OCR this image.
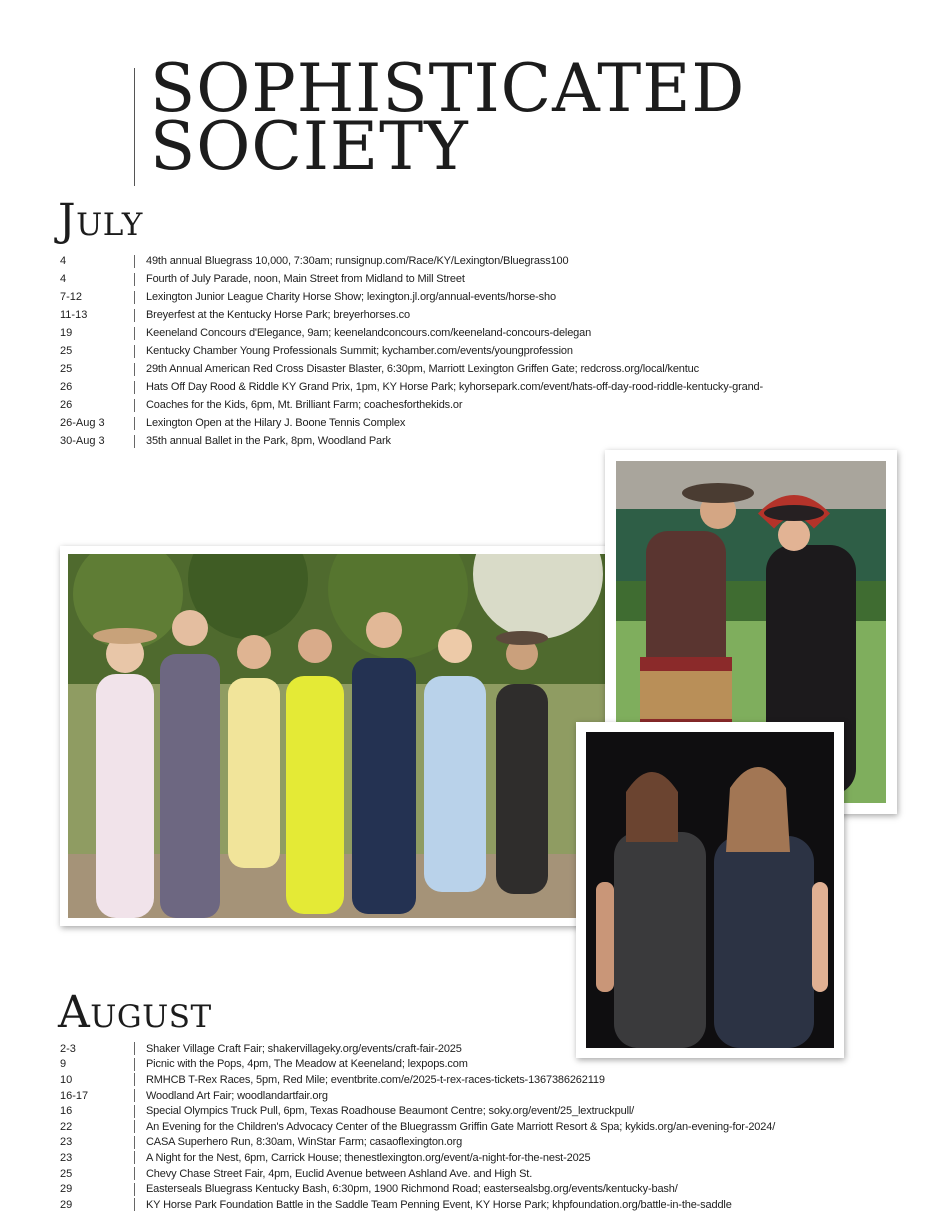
SOPHISTICATED
SOCIETY
July
4	49th annual Bluegrass 10,000, 7:30am; runsignup.com/Race/KY/Lexington/Bluegrass100
4	Fourth of July Parade, noon, Main Street from Midland to Mill Street
7-12	Lexington Junior League Charity Horse Show; lexington.jl.org/annual-events/horse-sho
11-13	Breyerfest at the Kentucky Horse Park; breyerhorses.co
19	Keeneland Concours d'Elegance, 9am; keenelandconcours.com/keeneland-concours-delegan
25	Kentucky Chamber Young Professionals Summit; kychamber.com/events/youngprofession
25	29th Annual American Red Cross Disaster Blaster, 6:30pm, Marriott Lexington Griffen Gate; redcross.org/local/kentuc
26	Hats Off Day Rood & Riddle KY Grand Prix, 1pm, KY Horse Park; kyhorsepark.com/event/hats-off-day-rood-riddle-kentucky-grand-
26	Coaches for the Kids, 6pm, Mt. Brilliant Farm; coachesforthekids.or
26-Aug 3	Lexington Open at the Hilary J. Boone Tennis Complex
30-Aug 3	35th annual Ballet in the Park, 8pm, Woodland Park
August
2-3	Shaker Village Craft Fair; shakervillageky.org/events/craft-fair-2025
9	Picnic with the Pops, 4pm, The Meadow at Keeneland; lexpops.com
10	RMHCB T-Rex Races, 5pm, Red Mile; eventbrite.com/e/2025-t-rex-races-tickets-1367386262119
16-17	Woodland Art Fair; woodlandartfair.org
16	Special Olympics Truck Pull, 6pm, Texas Roadhouse Beaumont Centre; soky.org/event/25_lextruckpull/
22	An Evening for the Children's Advocacy Center of the Bluegrassm Griffin Gate Marriott Resort & Spa; kykids.org/an-evening-for-2024/
23	CASA Superhero Run, 8:30am, WinStar Farm; casaoflexington.org
23	A Night for the Nest, 6pm, Carrick House; thenestlexington.org/event/a-night-for-the-nest-2025
25	Chevy Chase Street Fair, 4pm, Euclid Avenue between Ashland Ave. and High St.
29	Easterseals Bluegrass Kentucky Bash, 6:30pm, 1900 Richmond Road; eastersealsbg.org/events/kentucky-bash/
29	KY Horse Park Foundation Battle in the Saddle Team Penning Event, KY Horse Park; khpfoundation.org/battle-in-the-saddle
